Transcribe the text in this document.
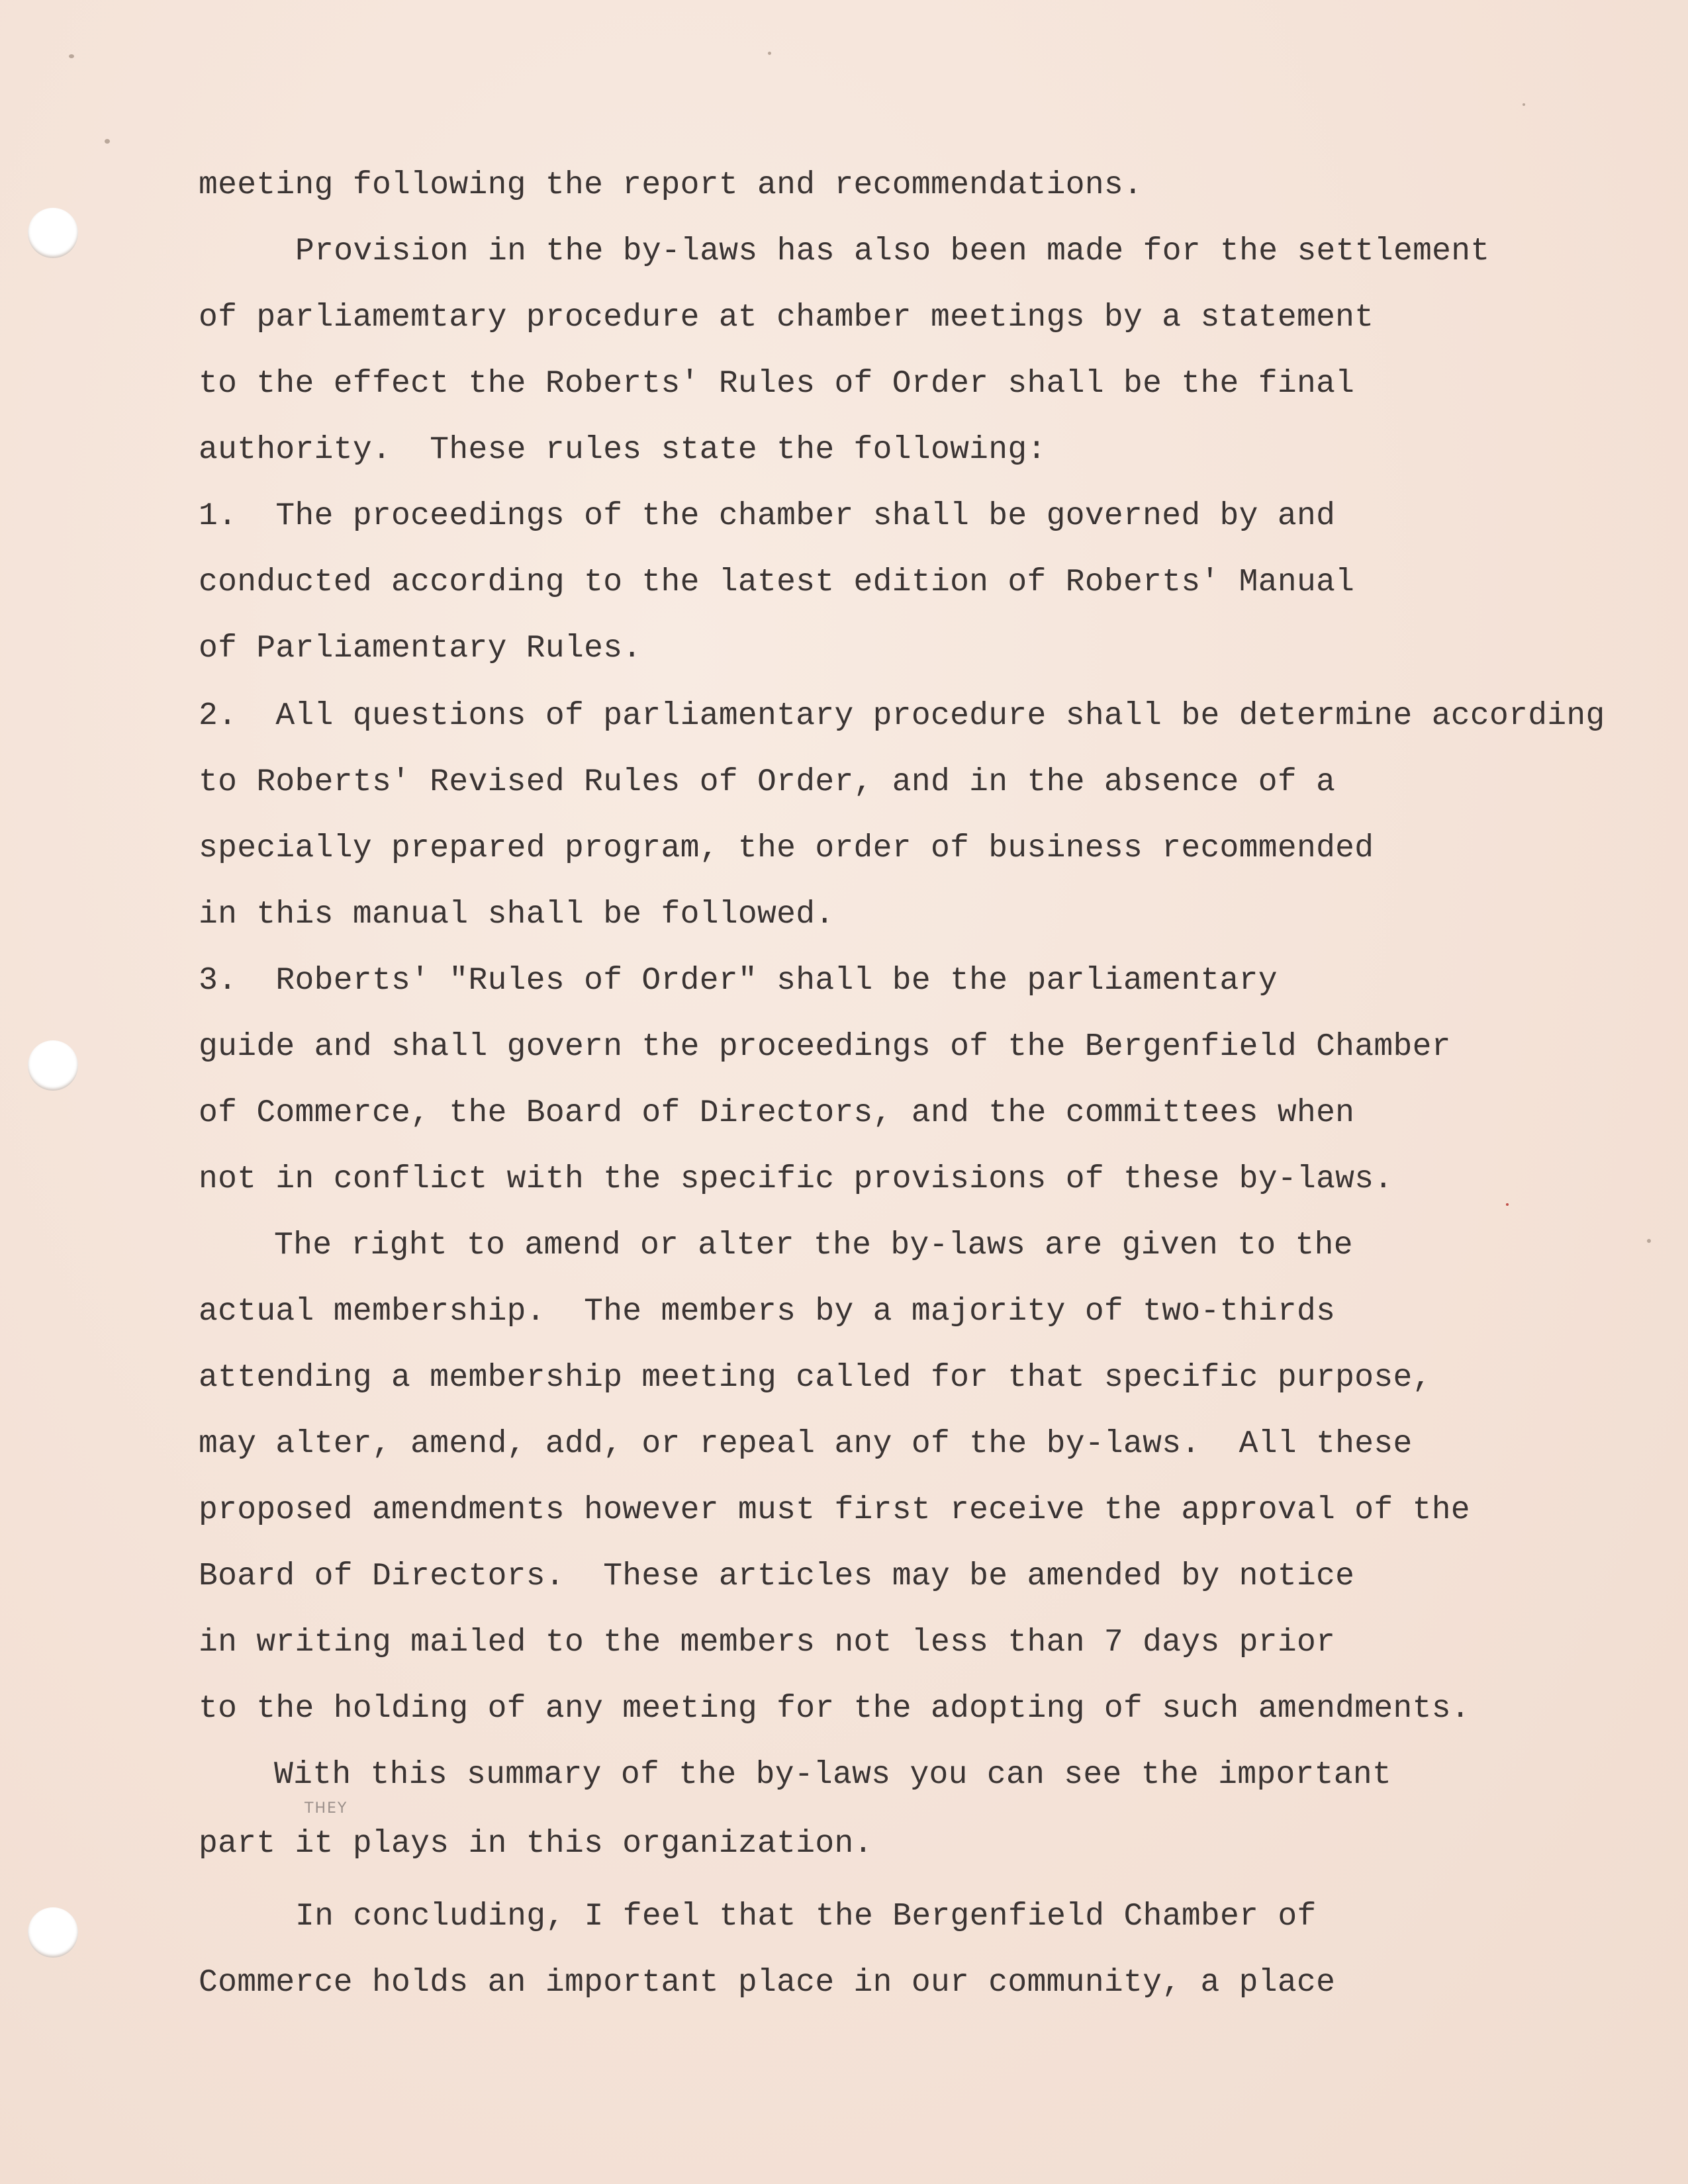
meeting following the report and recommendations.
Provision in the by-laws has also been made for the settlement
of parliamemtary procedure at chamber meetings by a statement
to the effect the Roberts' Rules of Order shall be the final
authority.  These rules state the following:
1.  The proceedings of the chamber shall be governed by and
conducted according to the latest edition of Roberts' Manual
of Parliamentary Rules.
2.  All questions of parliamentary procedure shall be determine according
to Roberts' Revised Rules of Order, and in the absence of a
specially prepared program, the order of business recommended
in this manual shall be followed.
3.  Roberts' "Rules of Order" shall be the parliamentary
guide and shall govern the proceedings of the Bergenfield Chamber
of Commerce, the Board of Directors, and the committees when
not in conflict with the specific provisions of these by-laws.
The right to amend or alter the by-laws are given to the
actual membership.  The members by a majority of two-thirds
attending a membership meeting called for that specific purpose,
may alter, amend, add, or repeal any of the by-laws.  All these
proposed amendments however must first receive the approval of the
Board of Directors.  These articles may be amended by notice
in writing mailed to the members not less than 7 days prior
to the holding of any meeting for the adopting of such amendments.
With this summary of the by-laws you can see the important
part it plays in this organization.
In concluding, I feel that the Bergenfield Chamber of
Commerce holds an important place in our community, a place
THEY
